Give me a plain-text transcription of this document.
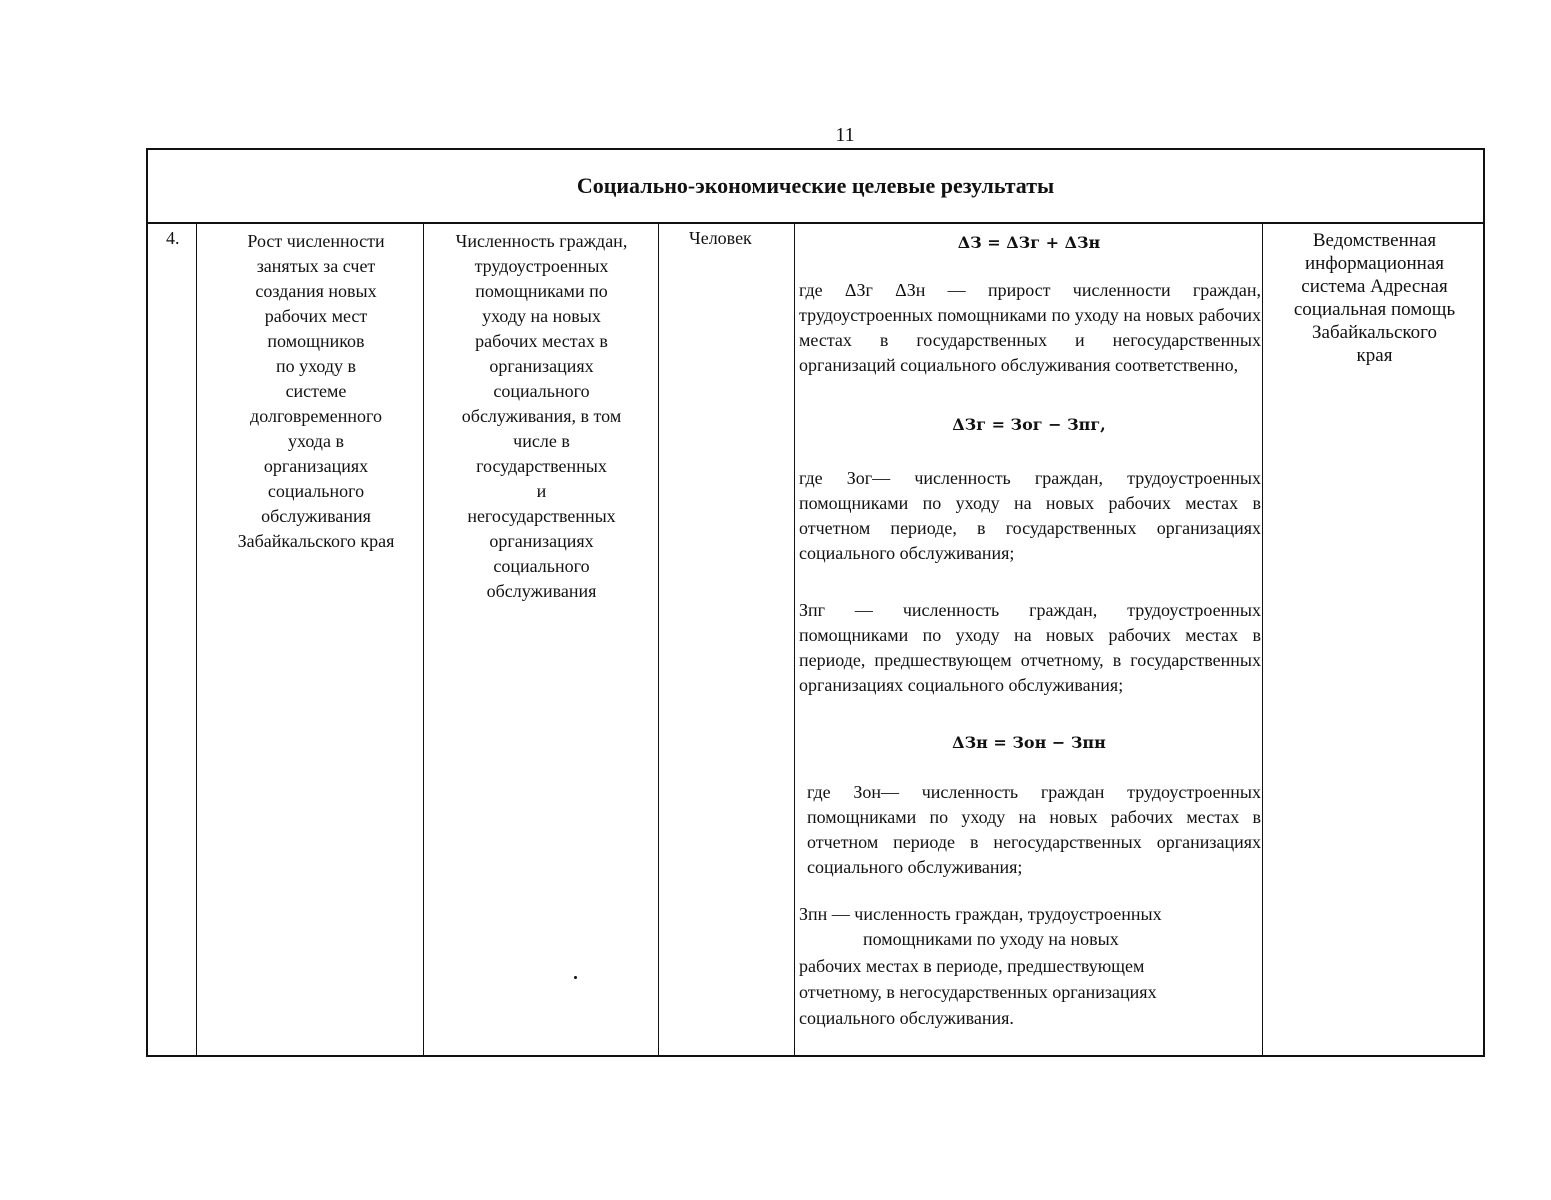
11
Социально-экономические целевые результаты
4.	Рост численности
занятых за счет
создания новых
рабочих мест
помощников
по уходу в
системе
долговременного
ухода в
организациях
социального
обслуживания
Забайкальского края
Численность граждан,
трудоустроенных
помощниками по
уходу на новых
рабочих местах в
организациях
социального
обслуживания, в том
числе в
государственных
и
негосударственных
организациях
социального
обслуживания
Человек	ΔЗ = ΔЗг + ΔЗн
где ΔЗг ΔЗн — прирост численности граждан, трудоустроенных помощниками по уходу на новых рабочих местах в государственных и негосударственных организаций социального обслуживания соответственно,
ΔЗг = Зог − Зпг,
где Зог— численность граждан, трудоустроенных помощниками по уходу на новых рабочих местах в отчетном периоде, в государственных организациях социального обслуживания;
Зпг — численность граждан, трудоустроенных помощниками по уходу на новых рабочих местах в периоде, предшествующем отчетному, в государственных организациях социального обслуживания;
ΔЗн = Зон − Зпн
где Зон— численность граждан трудоустроенных помощниками по уходу на новых рабочих местах в отчетном периоде в негосударственных организациях социального обслуживания;
Зпн — численность граждан, трудоустроенных
помощниками по уходу на новых
рабочих местах в периоде, предшествующем
отчетному, в негосударственных организациях
социального обслуживания.
Ведомственная
информационная
система Адресная
социальная помощь
Забайкальского
края
